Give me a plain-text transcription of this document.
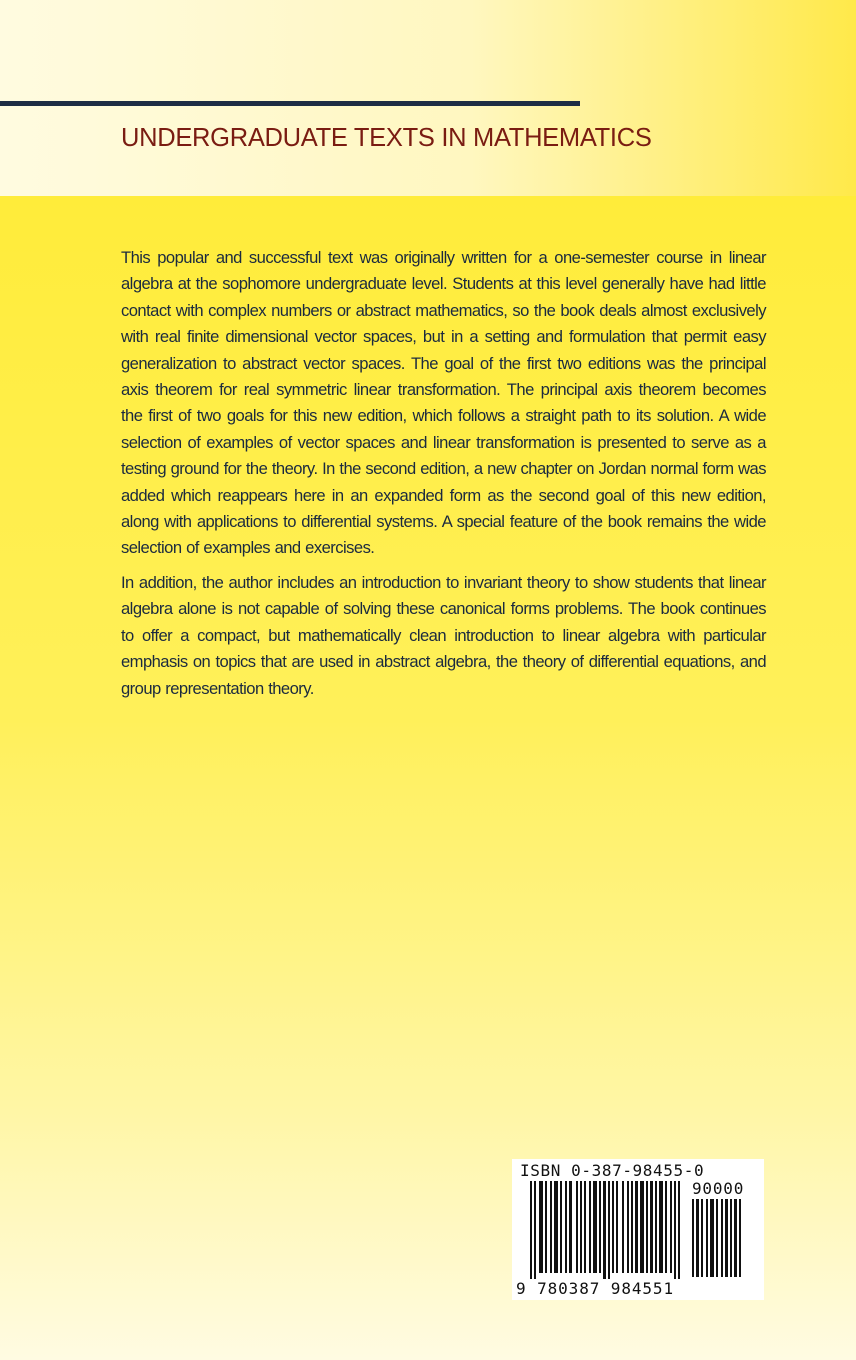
UNDERGRADUATE TEXTS IN MATHEMATICS

This popular and successful text was originally written for a one-semester course in linear algebra at the sophomore undergraduate level. Students at this level generally have had little contact with complex numbers or abstract mathematics, so the book deals almost exclusively with real finite dimensional vector spaces, but in a setting and formulation that permit easy generalization to abstract vector spaces. The goal of the first two editions was the principal axis theorem for real symmetric linear transformation. The principal axis theorem becomes the first of two goals for this new edition, which follows a straight path to its solution. A wide selection of examples of vector spaces and linear transformation is presented to serve as a testing ground for the theory. In the second edition, a new chapter on Jordan normal form was added which reappears here in an expanded form as the second goal of this new edition, along with applications to differential systems. A special feature of the book remains the wide selection of examples and exercises.

In addition, the author includes an introduction to invariant theory to show students that linear algebra alone is not capable of solving these canonical forms problems. The book continues to offer a compact, but mathematically clean introduction to linear algebra with particular emphasis on topics that are used in abstract algebra, the theory of differential equations, and group representation theory.

ISBN 0-387-98455-0
90000
9 780387 984551
